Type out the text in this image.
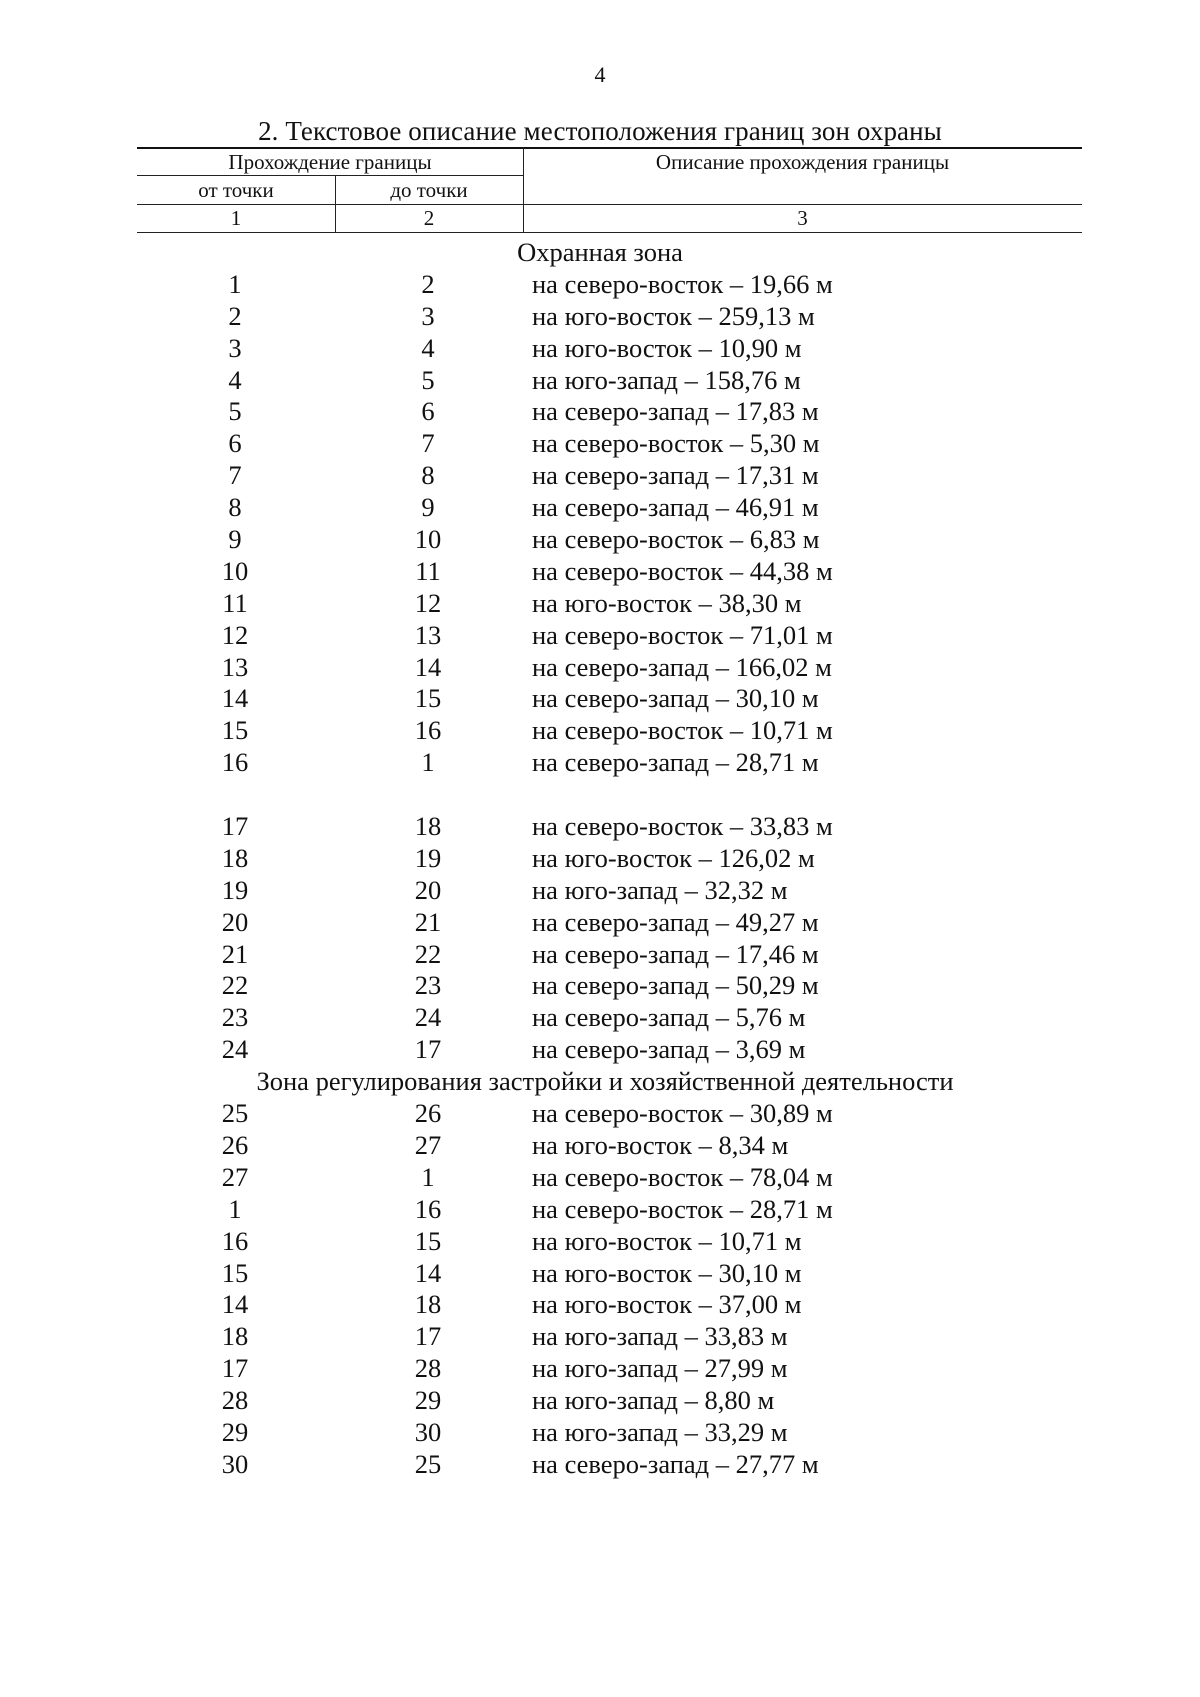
4
2. Текстовое описание местоположения границ зон охраны
Прохождение границы	Описание прохождения границы
от точки	до точки
1	2	3
Охранная зона
1	2	на северо-восток – 19,66 м
2	3	на юго-восток – 259,13 м
3	4	на юго-восток – 10,90 м
4	5	на юго-запад – 158,76 м
5	6	на северо-запад – 17,83 м
6	7	на северо-восток – 5,30 м
7	8	на северо-запад – 17,31 м
8	9	на северо-запад – 46,91 м
9	10	на северо-восток – 6,83 м
10	11	на северо-восток – 44,38 м
11	12	на юго-восток – 38,30 м
12	13	на северо-восток – 71,01 м
13	14	на северо-запад – 166,02 м
14	15	на северо-запад – 30,10 м
15	16	на северо-восток – 10,71 м
16	1	на северо-запад – 28,71 м
17	18	на северо-восток – 33,83 м
18	19	на юго-восток – 126,02 м
19	20	на юго-запад – 32,32 м
20	21	на северо-запад – 49,27 м
21	22	на северо-запад – 17,46 м
22	23	на северо-запад – 50,29 м
23	24	на северо-запад – 5,76 м
24	17	на северо-запад – 3,69 м
Зона регулирования застройки и хозяйственной деятельности
25	26	на северо-восток – 30,89 м
26	27	на юго-восток – 8,34 м
27	1	на северо-восток – 78,04 м
1	16	на северо-восток – 28,71 м
16	15	на юго-восток – 10,71 м
15	14	на юго-восток – 30,10 м
14	18	на юго-восток – 37,00 м
18	17	на юго-запад – 33,83 м
17	28	на юго-запад – 27,99 м
28	29	на юго-запад – 8,80 м
29	30	на юго-запад – 33,29 м
30	25	на северо-запад – 27,77 м
